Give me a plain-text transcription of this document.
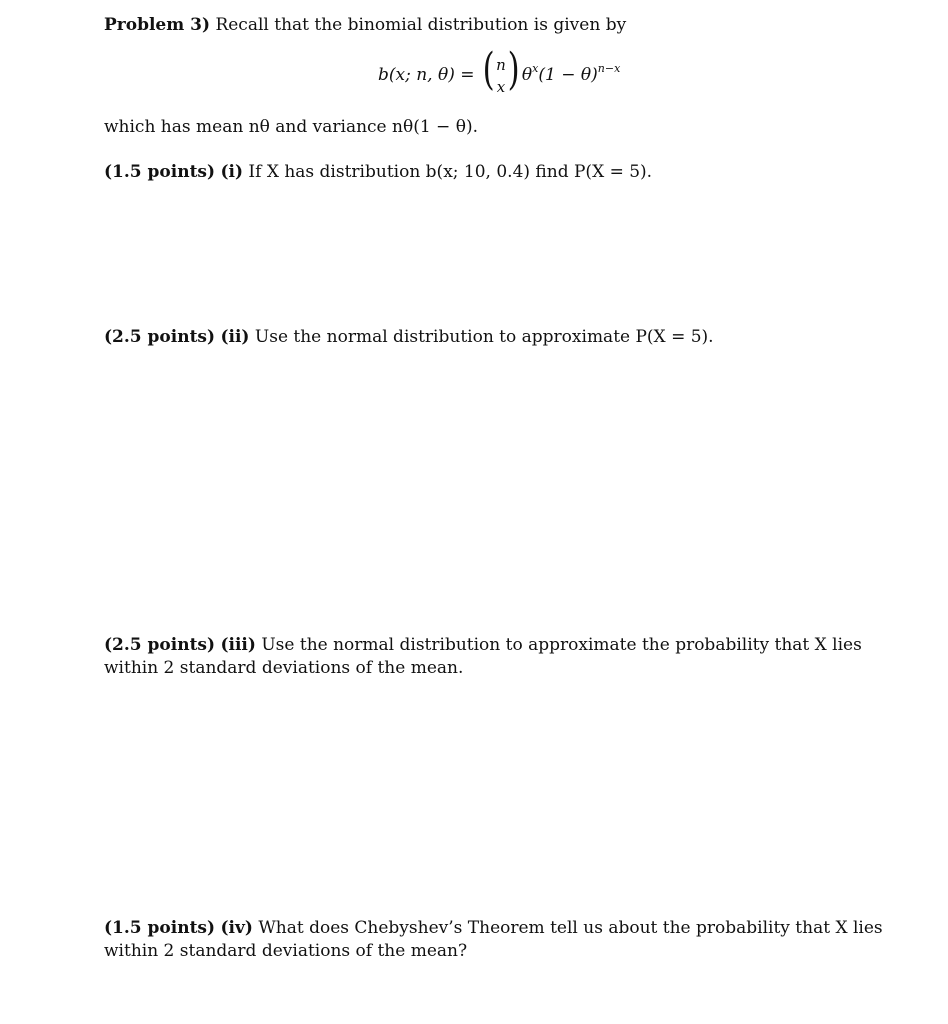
Problem 3) Recall that the binomial distribution is given by
b(x; n, θ) = ( n
x ) $\theta^x(1 - \theta)^{n-x}$
which has mean nθ and variance nθ(1 − θ).
(1.5 points) (i) If X has distribution b(x; 10, 0.4) find P(X = 5).
(2.5 points) (ii) Use the normal distribution to approximate P(X = 5).
(2.5 points) (iii) Use the normal distribution to approximate the probability that X lies within 2 standard deviations of the mean.
(1.5 points) (iv) What does Chebyshev’s Theorem tell us about the probability that X lies within 2 standard deviations of the mean?
